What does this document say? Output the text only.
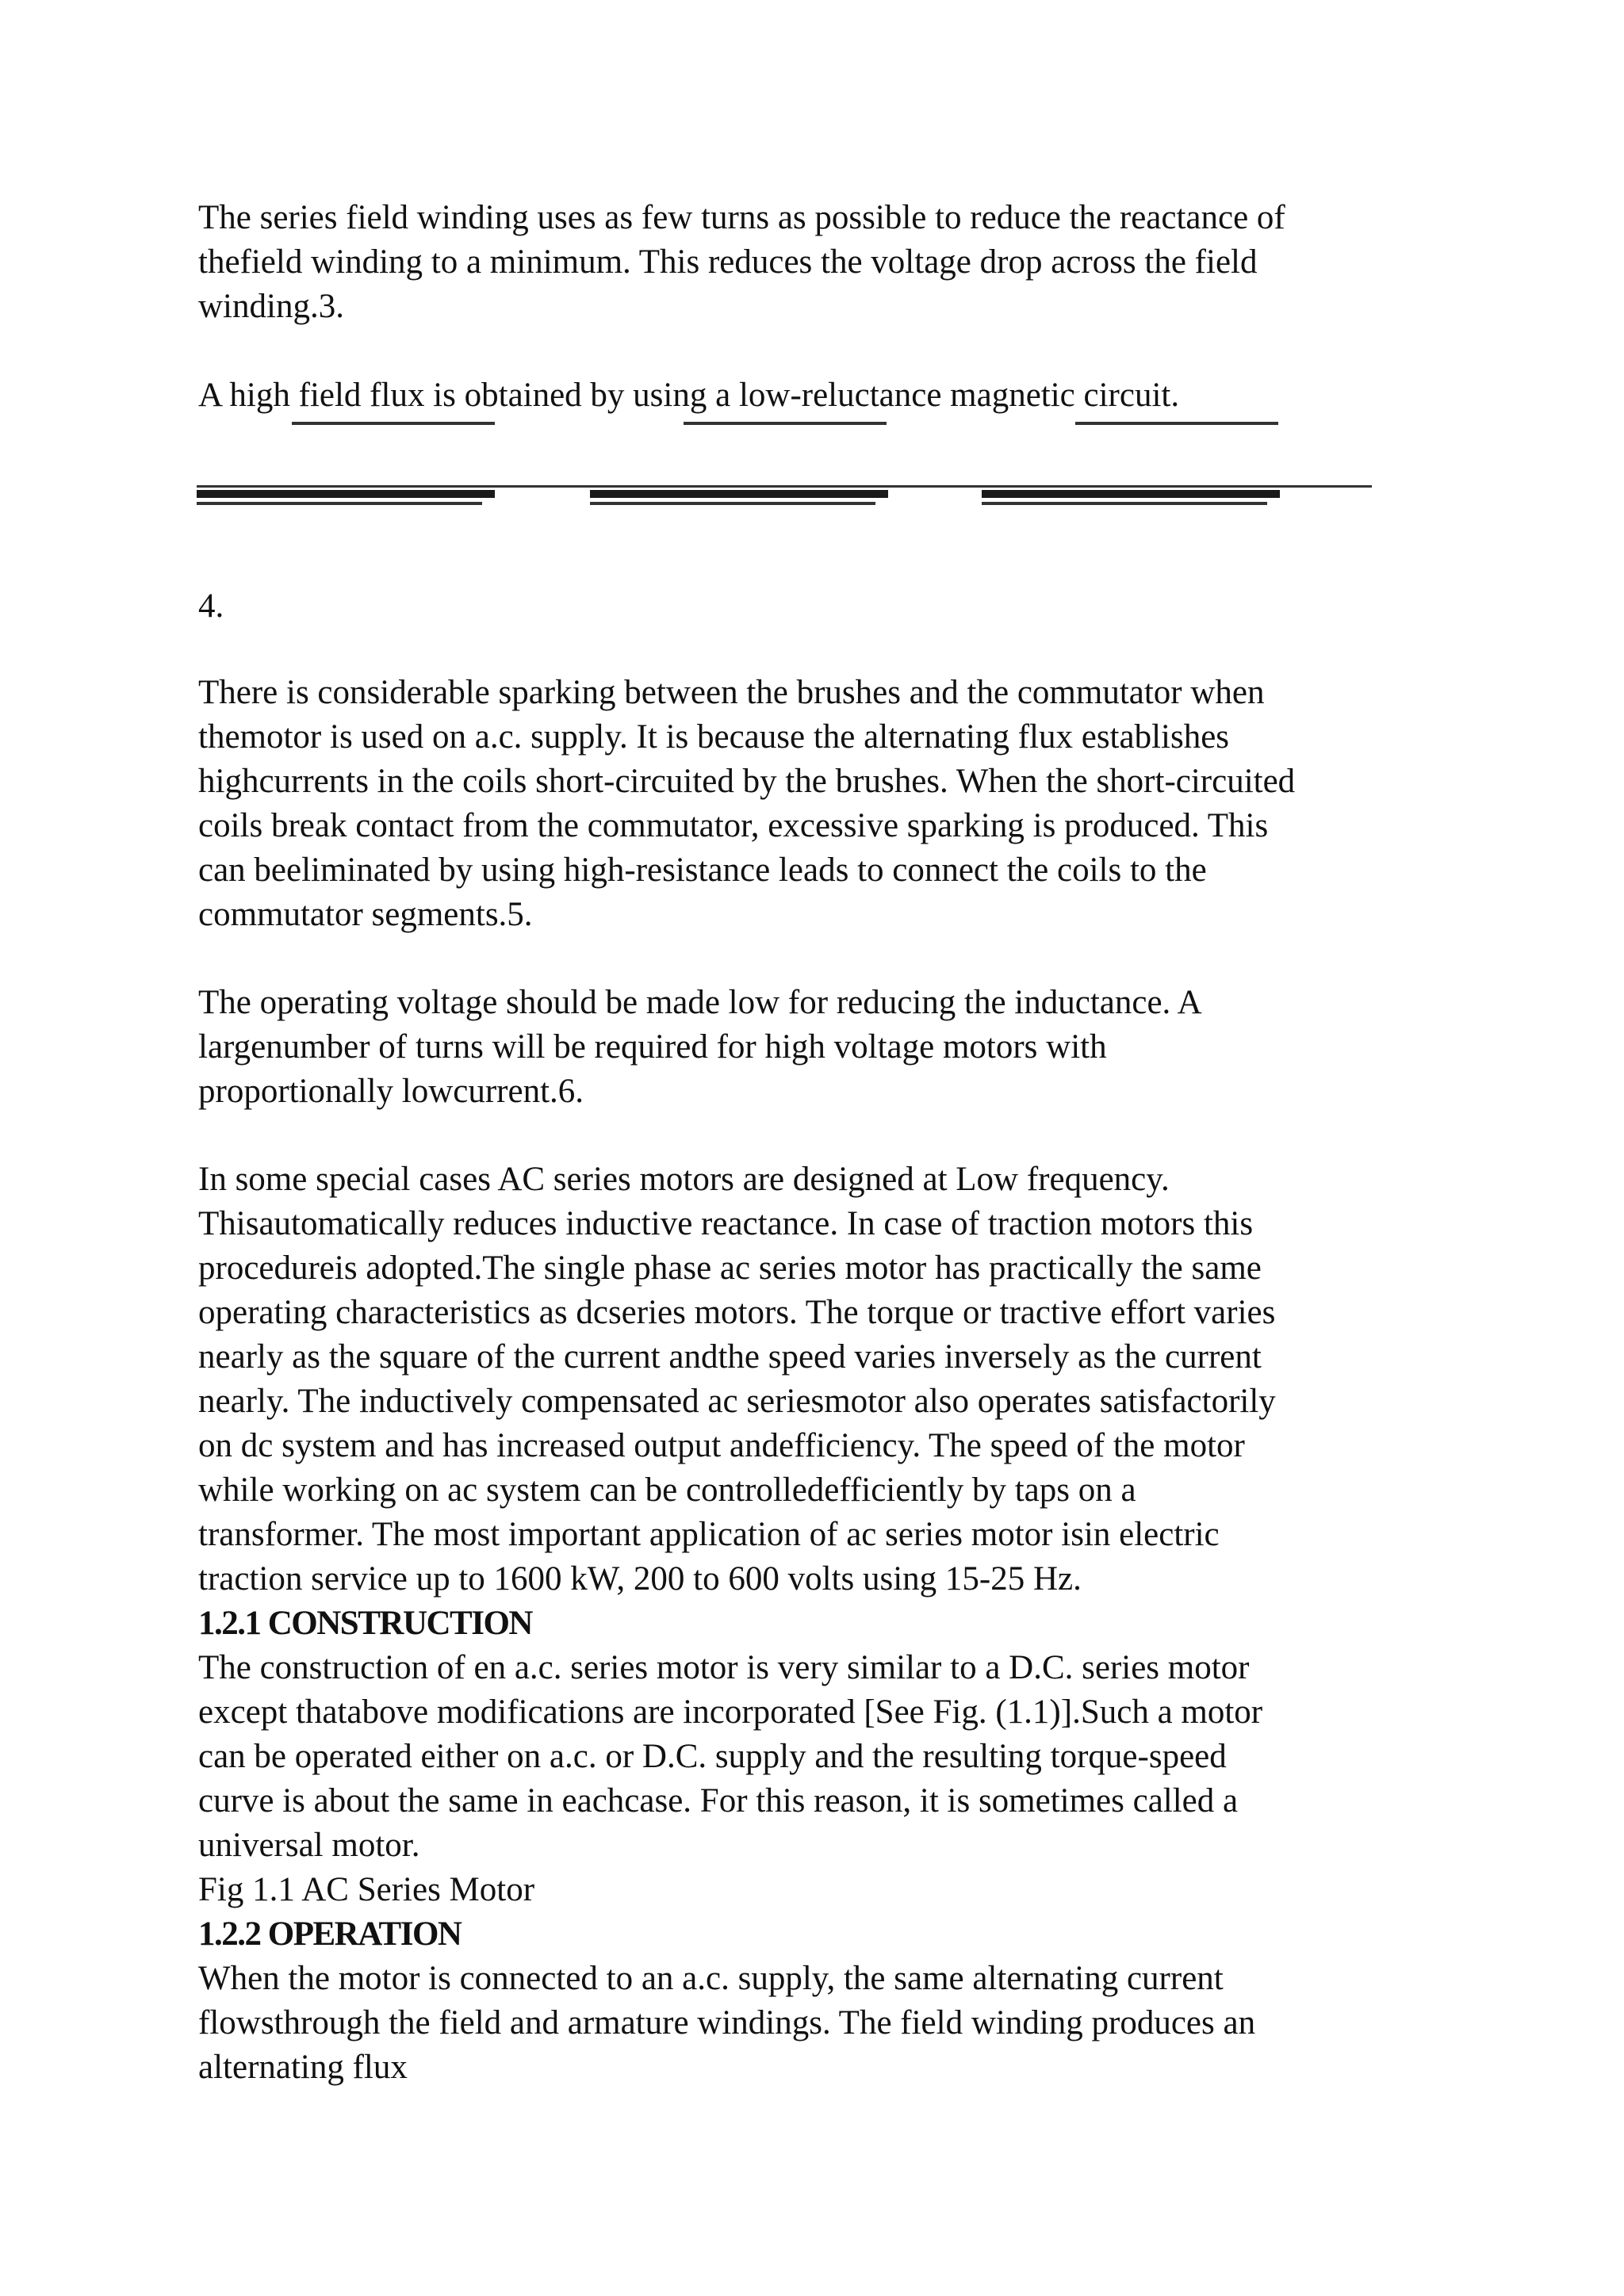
The series field winding uses as few turns as possible to reduce the reactance of
thefield winding to a minimum. This reduces the voltage drop across the field
winding.3.
A high field flux is obtained by using a low-reluctance magnetic circuit.
4.
There is considerable sparking between the brushes and the commutator when
themotor is used on a.c. supply. It is because the alternating flux establishes
highcurrents in the coils short-circuited by the brushes. When the short-circuited
coils break contact from the commutator, excessive sparking is produced. This
can beeliminated by using high-resistance leads to connect the coils to the
commutator segments.5.
The operating voltage should be made low for reducing the inductance. A
largenumber of turns will be required for high voltage motors with
proportionally lowcurrent.6.
In some special cases AC series motors are designed at Low frequency.
Thisautomatically reduces inductive reactance. In case of traction motors this
procedureis adopted.The single phase ac series motor has practically the same
operating characteristics as dcseries motors. The torque or tractive effort varies
nearly as the square of the current andthe speed varies inversely as the current
nearly. The inductively compensated ac seriesmotor also operates satisfactorily
on dc system and has increased output andefficiency. The speed of the motor
while working on ac system can be controlledefficiently by taps on a
transformer. The most important application of ac series motor isin electric
traction service up to 1600 kW, 200 to 600 volts using 15-25 Hz.
1.2.1 CONSTRUCTION
The construction of en a.c. series motor is very similar to a D.C. series motor
except thatabove modifications are incorporated [See Fig. (1.1)].Such a motor
can be operated either on a.c. or D.C. supply and the resulting torque-speed
curve is about the same in eachcase. For this reason, it is sometimes called a
universal motor.
Fig 1.1 AC Series Motor
1.2.2 OPERATION
When the motor is connected to an a.c. supply, the same alternating current
flowsthrough the field and armature windings. The field winding produces an
alternating flux
